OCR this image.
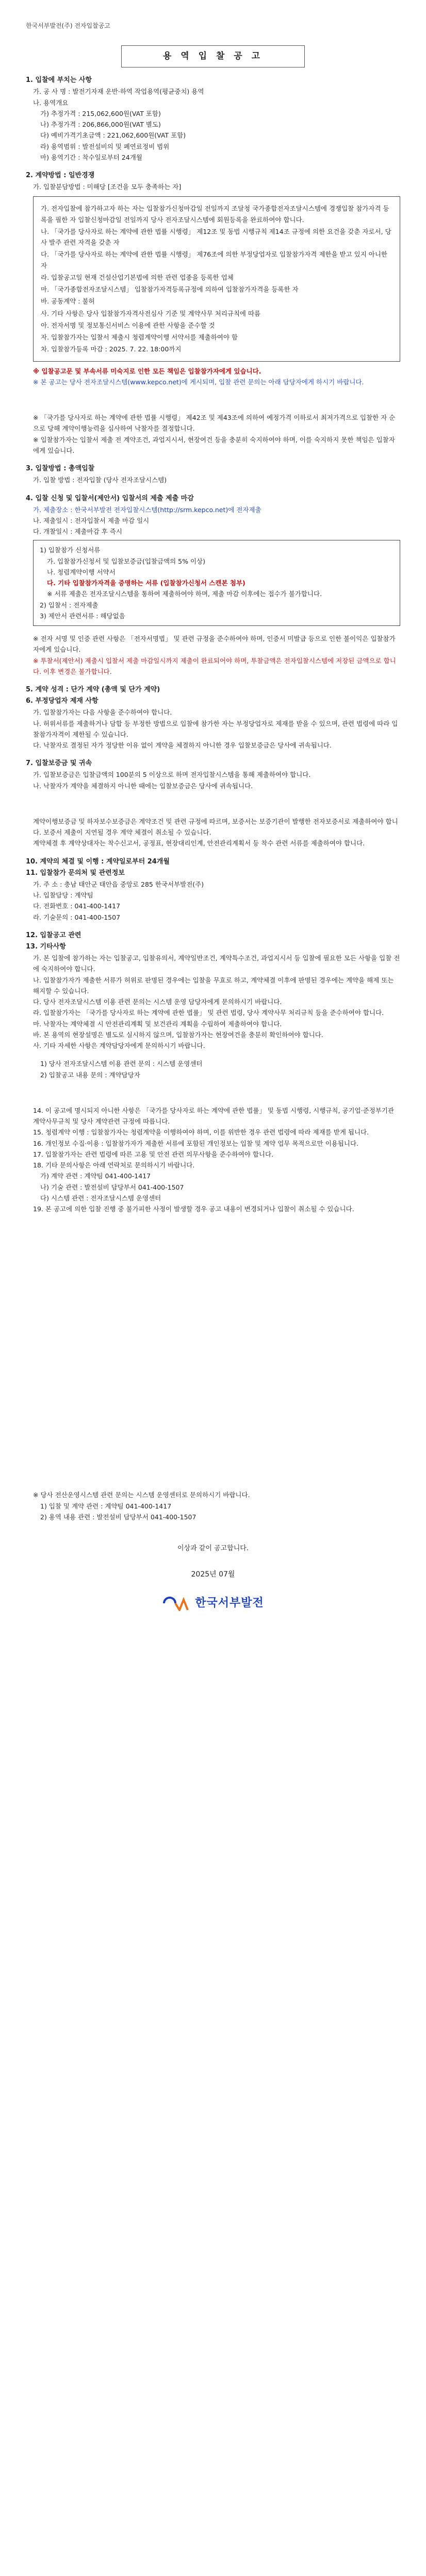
한국서부발전(주) 전자입찰공고
용 역 입 찰 공 고
1. 입찰에 부치는 사항
가. 공 사 명 : 발전기자재 운반·하역 작업용역(평균중치) 용역
나. 용역개요
가) 추정가격 : 215,062,600원(VAT 포함)
나) 추정가격 : 206,866,000원(VAT 별도)
다) 예비가격기초금액 : 221,062,600원(VAT 포함)
라) 용역범위 : 발전설비의 및 폐연료정비 범위
마) 용역기간 : 착수일로부터 24개월
2. 계약방법 : 일반경쟁
가. 입찰분담방법 : 미해당 [조건을 모두 충족하는 자]

가. 전자입찰에 참가하고자 하는 자는 입찰참가신청마감일 전일까지 조달청 국가종합전자조달시스템에 경쟁입찰 참가자격 등록을 필한 자 입찰신청마감일 전일까지 당사 전자조달시스템에 회원등록을 완료하여야 합니다.

나. 「국가를 당사자로 하는 계약에 관한 법률 시행령」 제12조 및 동법 시행규칙 제14조 규정에 의한 요건을 갖춘 자로서, 당사 발주 관련 자격을 갖춘 자

다. 「국가를 당사자로 하는 계약에 관한 법률 시행령」 제76조에 의한 부정당업자로 입찰참가자격 제한을 받고 있지 아니한 자

라. 입찰공고일 현재 건설산업기본법에 의한 관련 업종을 등록한 업체

마. 「국가종합전자조달시스템」 입찰참가자격등록규정에 의하여 입찰참가자격을 등록한 자

바. 공동계약 : 불허

사. 기타 사항은 당사 입찰참가자격사전심사 기준 및 계약사무 처리규칙에 따름

아. 전자서명 및 정보통신서비스 이용에 관한 사항을 준수할 것

자. 입찰참가자는 입찰서 제출시 청렴계약이행 서약서를 제출하여야 함

차. 입찰참가등록 마감 : 2025. 7. 22. 18:00까지

※ 입찰공고문 및 부속서류 미숙지로 인한 모든 책임은 입찰참가자에게 있습니다.
※ 본 공고는 당사 전자조달시스템(www.kepco.net)에 게시되며, 입찰 관련 문의는 아래 담당자에게 하시기 바랍니다.
※ 「국가를 당사자로 하는 계약에 관한 법률 시행령」 제42조 및 제43조에 의하여 예정가격 이하로서 최저가격으로 입찰한 자 순으로 당해 계약이행능력을 심사하여 낙찰자를 결정합니다.
※ 입찰참가자는 입찰서 제출 전 계약조건, 과업지시서, 현장여건 등을 충분히 숙지하여야 하며, 이를 숙지하지 못한 책임은 입찰자에게 있습니다.
3. 입찰방법 : 총액입찰
가. 입찰 방법 : 전자입찰 (당사 전자조달시스템)
4. 입찰 신청 및 입찰서(제안서) 입찰서의 제출 제출 마감
가. 제출장소 : 한국서부발전 전자입찰시스템(http://srm.kepco.net)에 전자제출
나. 제출일시 : 전자입찰서 제출 마감 일시
다. 개찰일시 : 제출마감 후 즉시

1) 입찰참가 신청서류

가. 입찰참가신청서 및 입찰보증금(입찰금액의 5% 이상)

나. 청렴계약이행 서약서

다. 기타 입찰참가자격을 증명하는 서류 (입찰참가신청서 스캔본 첨부)

※ 서류 제출은 전자조달시스템을 통하여 제출하여야 하며, 제출 마감 이후에는 접수가 불가합니다.

2) 입찰서 : 전자제출

3) 제안서 관련서류 : 해당없음

※ 전자 서명 및 인증 관련 사항은 「전자서명법」 및 관련 규정을 준수하여야 하며, 인증서 미발급 등으로 인한 불이익은 입찰참가자에게 있습니다.
※ 투찰서(제안서) 제출시 입찰서 제출 마감일시까지 제출이 완료되어야 하며, 투찰금액은 전자입찰시스템에 저장된 금액으로 합니다. 이후 변경은 불가합니다.
5. 계약 성격 : 단가 계약 (총액 및 단가 계약)
6. 부정당업자 제재 사항
가. 입찰참가자는 다음 사항을 준수하여야 합니다.
나. 허위서류를 제출하거나 담합 등 부정한 방법으로 입찰에 참가한 자는 부정당업자로 제재를 받을 수 있으며, 관련 법령에 따라 입찰참가자격이 제한될 수 있습니다.
다. 낙찰자로 결정된 자가 정당한 이유 없이 계약을 체결하지 아니한 경우 입찰보증금은 당사에 귀속됩니다.
7. 입찰보증금 및 귀속
가. 입찰보증금은 입찰금액의 100분의 5 이상으로 하며 전자입찰시스템을 통해 제출하여야 합니다.
나. 낙찰자가 계약을 체결하지 아니한 때에는 입찰보증금은 당사에 귀속됩니다.
계약이행보증금 및 하자보수보증금은 계약조건 및 관련 규정에 따르며, 보증서는 보증기관이 발행한 전자보증서로 제출하여야 합니다. 보증서 제출이 지연될 경우 계약 체결이 취소될 수 있습니다.
계약체결 후 계약상대자는 착수신고서, 공정표, 현장대리인계, 안전관리계획서 등 착수 관련 서류를 제출하여야 합니다.
10. 계약의 체결 및 이행 : 계약일로부터 24개월
11. 입찰참가 문의처 및 관련정보
가. 주 소 : 충남 태안군 태안읍 중앙로 285 한국서부발전(주)
나. 입찰담당 : 계약팀
다. 전화번호 : 041-400-1417
라. 기술문의 : 041-400-1507
12. 입찰공고 관련
13. 기타사항
가. 본 입찰에 참가하는 자는 입찰공고, 입찰유의서, 계약일반조건, 계약특수조건, 과업지시서 등 입찰에 필요한 모든 사항을 입찰 전에 숙지하여야 합니다.
나. 입찰참가자가 제출한 서류가 허위로 판명된 경우에는 입찰을 무효로 하고, 계약체결 이후에 판명된 경우에는 계약을 해제 또는 해지할 수 있습니다.
다. 당사 전자조달시스템 이용 관련 문의는 시스템 운영 담당자에게 문의하시기 바랍니다.
라. 입찰참가자는 「국가를 당사자로 하는 계약에 관한 법률」 및 관련 법령, 당사 계약사무 처리규칙 등을 준수하여야 합니다.
마. 낙찰자는 계약체결 시 안전관리계획 및 보건관리 계획을 수립하여 제출하여야 합니다.
바. 본 용역의 현장설명은 별도로 실시하지 않으며, 입찰참가자는 현장여건을 충분히 확인하여야 합니다.
사. 기타 자세한 사항은 계약담당자에게 문의하시기 바랍니다.
1) 당사 전자조달시스템 이용 관련 문의 : 시스템 운영센터
2) 입찰공고 내용 문의 : 계약담당자
14. 이 공고에 명시되지 아니한 사항은 「국가를 당사자로 하는 계약에 관한 법률」 및 동법 시행령, 시행규칙, 공기업·준정부기관 계약사무규칙 및 당사 계약관련 규정에 따릅니다.
15. 청렴계약 이행 : 입찰참가자는 청렴계약을 이행하여야 하며, 이를 위반한 경우 관련 법령에 따라 제재를 받게 됩니다.
16. 개인정보 수집·이용 : 입찰참가자가 제출한 서류에 포함된 개인정보는 입찰 및 계약 업무 목적으로만 이용됩니다.
17. 입찰참가자는 관련 법령에 따른 고용 및 안전 관련 의무사항을 준수하여야 합니다.
18. 기타 문의사항은 아래 연락처로 문의하시기 바랍니다.
가) 계약 관련 : 계약팀 041-400-1417
나) 기술 관련 : 발전설비 담당부서 041-400-1507
다) 시스템 관련 : 전자조달시스템 운영센터
19. 본 공고에 의한 입찰 진행 중 불가피한 사정이 발생할 경우 공고 내용이 변경되거나 입찰이 취소될 수 있습니다.
※ 당사 전산운영시스템 관련 문의는 시스템 운영센터로 문의하시기 바랍니다.
1) 입찰 및 계약 관련 : 계약팀 041-400-1417
2) 용역 내용 관련 : 발전설비 담당부서 041-400-1507
이상과 같이 공고합니다.
2025년 07월
한국서부발전
